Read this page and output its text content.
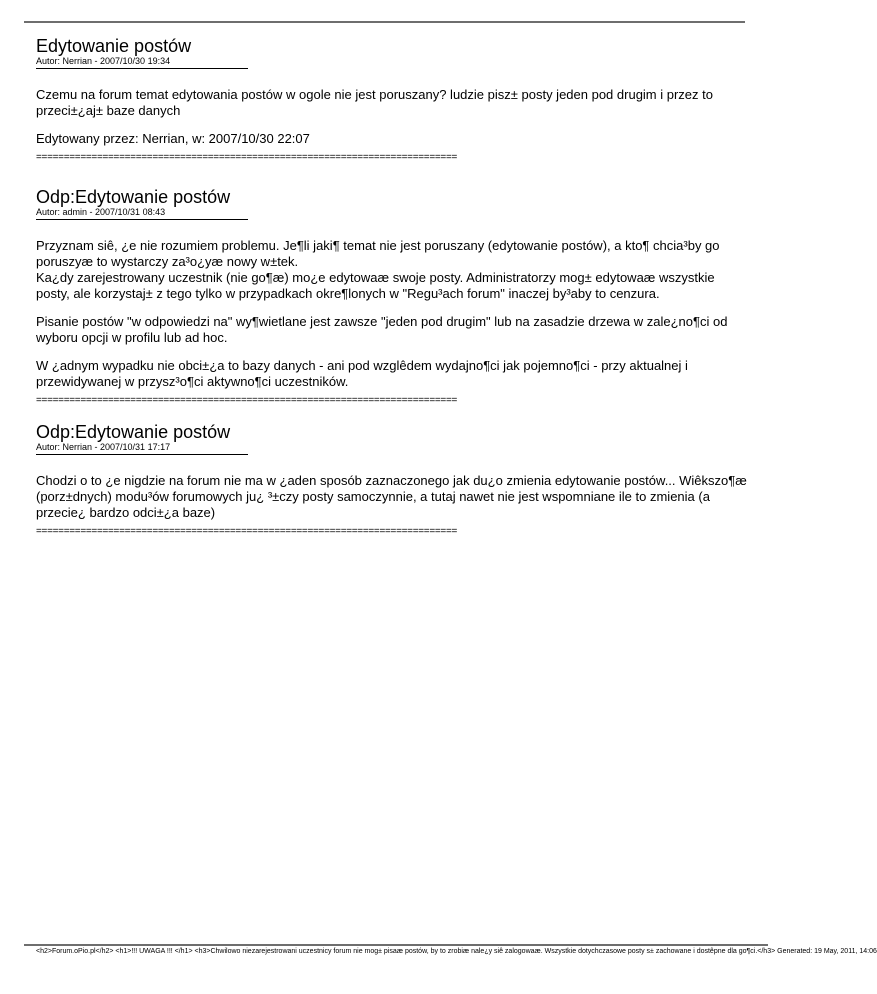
Edytowanie postów
Autor: Nerrian - 2007/10/30 19:34

Czemu na forum temat edytowania postów w ogole nie jest poruszany? ludzie pisz± posty jeden pod drugim i przez to przeci±¿aj± baze danych

Edytowany przez: Nerrian, w: 2007/10/30 22:07

============================================================================
Odp:Edytowanie postów
Autor: admin - 2007/10/31 08:43

Przyznam siê, ¿e nie rozumiem problemu. Je¶li jaki¶ temat nie jest poruszany (edytowanie postów), a kto¶ chcia³by go poruszyæ to wystarczy za³o¿yæ nowy w±tek.
Ka¿dy zarejestrowany uczestnik (nie go¶æ) mo¿e edytowaæ swoje posty. Administratorzy mog± edytowaæ wszystkie posty, ale korzystaj± z tego tylko w przypadkach okre¶lonych w "Regu³ach forum" inaczej by³aby to cenzura.

Pisanie postów "w odpowiedzi na" wy¶wietlane jest zawsze "jeden pod drugim" lub na zasadzie drzewa w zale¿no¶ci od wyboru opcji w profilu lub ad hoc.

W ¿adnym wypadku nie obci±¿a to bazy danych - ani pod wzglêdem wydajno¶ci jak pojemno¶ci - przy aktualnej i przewidywanej w przysz³o¶ci aktywno¶ci uczestników.

============================================================================
Odp:Edytowanie postów
Autor: Nerrian - 2007/10/31 17:17

Chodzi o to ¿e nigdzie na forum nie ma w ¿aden sposób zaznaczonego jak du¿o zmienia edytowanie postów... Wiêkszo¶æ (porz±dnych) modu³ów forumowych ju¿ ³±czy posty samoczynnie, a tutaj nawet nie jest wspomniane ile to zmienia (a przecie¿ bardzo odci±¿a baze)

============================================================================
<h2>Forum.oPio.pl</h2> <h1>!!! UWAGA !!! </h1> <h3>Chwilowo niezarejestrowani uczestnicy forum nie mog± pisaæ postów, by to zrobiæ nale¿y siê zalogowaæ. Wszystkie dotychczasowe posty s± zachowane i dostêpne dla go¶ci.</h3> Generated: 19 May, 2011, 14:06
